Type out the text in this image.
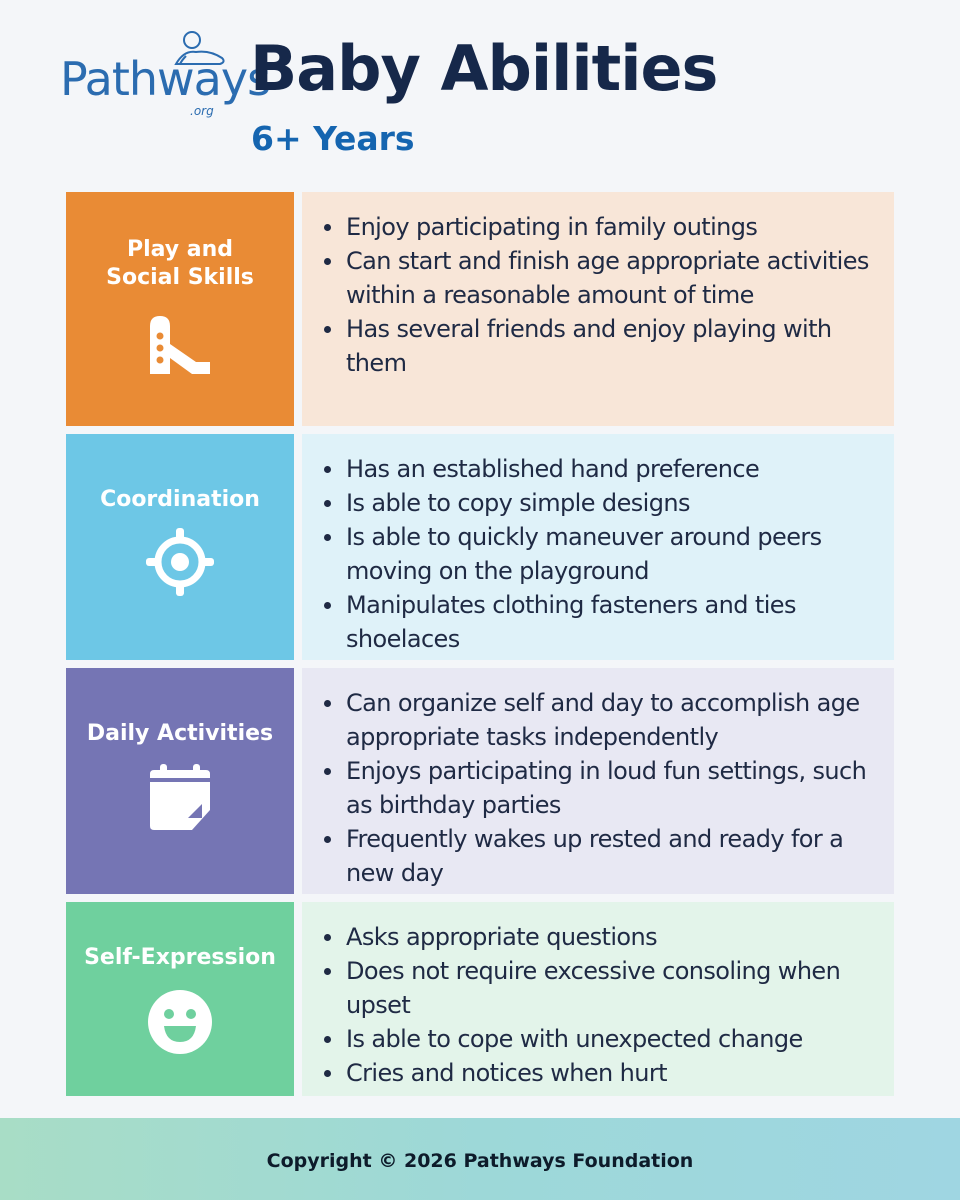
Pathways
.org
Baby Abilities
6+ Years
Play and
Social Skills
Enjoy participating in family outings
Can start and finish age appropriate activities within a reasonable amount of time
Has several friends and enjoy playing with them
Coordination
Has an established hand preference
Is able to copy simple designs
Is able to quickly maneuver around peers moving on the playground
Manipulates clothing fasteners and ties shoelaces
Daily Activities
Can organize self and day to accomplish age appropriate tasks independently
Enjoys participating in loud fun settings, such as birthday parties
Frequently wakes up rested and ready for a new day
Self-Expression
Asks appropriate questions
Does not require excessive consoling when upset
Is able to cope with unexpected change
Cries and notices when hurt
Copyright © 2026 Pathways Foundation
